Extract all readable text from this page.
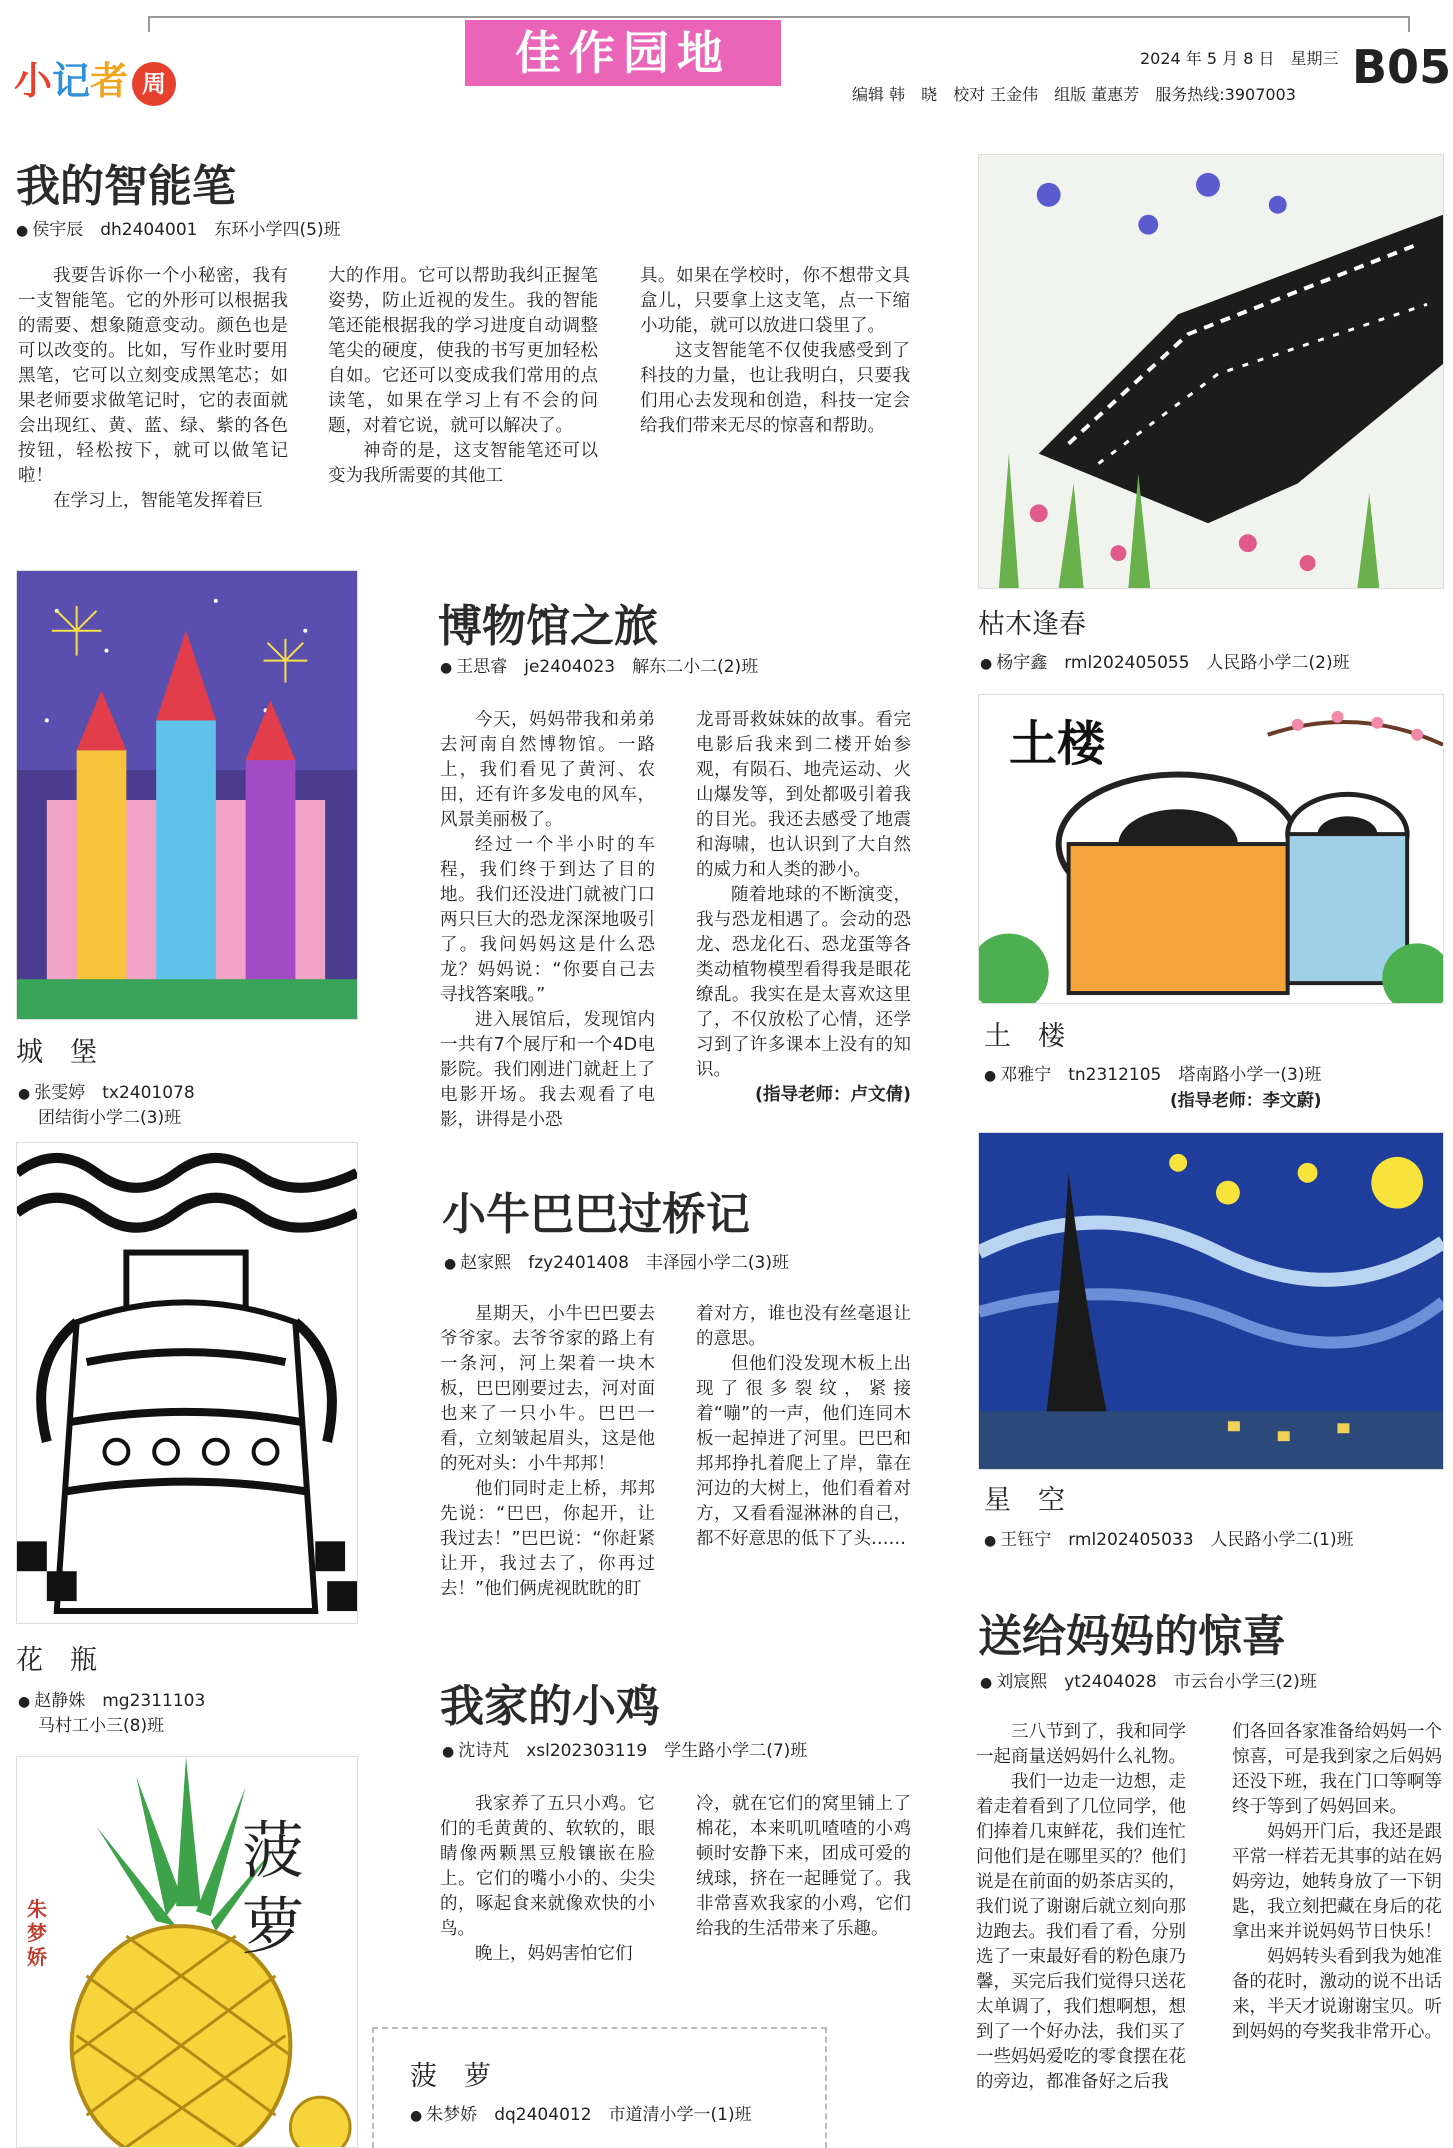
小记者 周刊
佳作园地	2024 年 5 月 8 日　星期三 B05
编辑 韩　晓　校对 王金伟　组版 董惠芳　服务热线:3907003
我的智能笔
● 侯宇辰　dh2404001　东环小学四(5)班

我要告诉你一个小秘密，我有一支智能笔。它的外形可以根据我的需要、想象随意变动。颜色也是可以改变的。比如，写作业时要用黑笔，它可以立刻变成黑笔芯；如果老师要求做笔记时，它的表面就会出现红、黄、蓝、绿、紫的各色按钮，轻松按下，就可以做笔记啦！

在学习上，智能笔发挥着巨

大的作用。它可以帮助我纠正握笔姿势，防止近视的发生。我的智能笔还能根据我的学习进度自动调整笔尖的硬度，使我的书写更加轻松自如。它还可以变成我们常用的点读笔，如果在学习上有不会的问题，对着它说，就可以解决了。

神奇的是，这支智能笔还可以变为我所需要的其他工

具。如果在学校时，你不想带文具盒儿，只要拿上这支笔，点一下缩小功能，就可以放进口袋里了。

这支智能笔不仅使我感受到了科技的力量，也让我明白，只要我们用心去发现和创造，科技一定会给我们带来无尽的惊喜和帮助。

枯木逢春
● 杨宇鑫　rml202405055　人民路小学二(2)班
城　堡
● 张雯婷　tx2401078
团结街小学二(3)班
博物馆之旅
● 王思睿　je2404023　解东二小二(2)班

今天，妈妈带我和弟弟去河南自然博物馆。一路上，我们看见了黄河、农田，还有许多发电的风车，风景美丽极了。

经过一个半小时的车程，我们终于到达了目的地。我们还没进门就被门口两只巨大的恐龙深深地吸引了。我问妈妈这是什么恐龙？妈妈说：“你要自己去寻找答案哦。”

进入展馆后，发现馆内一共有7个展厅和一个4D电影院。我们刚进门就赶上了电影开场。我去观看了电影，讲得是小恐

龙哥哥救妹妹的故事。看完电影后我来到二楼开始参观，有陨石、地壳运动、火山爆发等，到处都吸引着我的目光。我还去感受了地震和海啸，也认识到了大自然的威力和人类的渺小。

随着地球的不断演变，我与恐龙相遇了。会动的恐龙、恐龙化石、恐龙蛋等各类动植物模型看得我是眼花缭乱。我实在是太喜欢这里了，不仅放松了心情，还学习到了许多课本上没有的知识。

(指导老师：卢文倩)

土楼
土　楼
● 邓雅宁　tn2312105　塔南路小学一(3)班
(指导老师：李文蔚)
花　瓶
● 赵静姝　mg2311103
马村工小三(8)班
小牛巴巴过桥记
● 赵家熙　fzy2401408　丰泽园小学二(3)班

星期天，小牛巴巴要去爷爷家。去爷爷家的路上有一条河，河上架着一块木板，巴巴刚要过去，河对面也来了一只小牛。巴巴一看，立刻皱起眉头，这是他的死对头：小牛邦邦！

他们同时走上桥，邦邦先说：“巴巴，你起开，让我过去！”巴巴说：“你赶紧让开，我过去了，你再过去！”他们俩虎视眈眈的盯

着对方，谁也没有丝毫退让的意思。

但他们没发现木板上出现了很多裂纹，紧接着“嘣”的一声，他们连同木板一起掉进了河里。巴巴和邦邦挣扎着爬上了岸，靠在河边的大树上，他们看着对方，又看看湿淋淋的自己，都不好意思的低下了头……

星　空
● 王钰宁　rml202405033　人民路小学二(1)班
我家的小鸡
● 沈诗芃　xsl202303119　学生路小学二(7)班

我家养了五只小鸡。它们的毛黄黄的、软软的，眼睛像两颗黑豆般镶嵌在脸上。它们的嘴小小的、尖尖的，啄起食来就像欢快的小鸟。

晚上，妈妈害怕它们

冷，就在它们的窝里铺上了棉花，本来叽叽喳喳的小鸡顿时安静下来，团成可爱的绒球，挤在一起睡觉了。我非常喜欢我家的小鸡，它们给我的生活带来了乐趣。

菠萝
朱梦娇
菠　萝
● 朱梦娇　dq2404012　市道清小学一(1)班
送给妈妈的惊喜
● 刘宸熙　yt2404028　市云台小学三(2)班

三八节到了，我和同学一起商量送妈妈什么礼物。

我们一边走一边想，走着走着看到了几位同学，他们捧着几束鲜花，我们连忙问他们是在哪里买的？他们说是在前面的奶茶店买的，我们说了谢谢后就立刻向那边跑去。我们看了看，分别选了一束最好看的粉色康乃馨，买完后我们觉得只送花太单调了，我们想啊想，想到了一个好办法，我们买了一些妈妈爱吃的零食摆在花的旁边，都准备好之后我

们各回各家准备给妈妈一个惊喜，可是我到家之后妈妈还没下班，我在门口等啊等终于等到了妈妈回来。

妈妈开门后，我还是跟平常一样若无其事的站在妈妈旁边，她转身放了一下钥匙，我立刻把藏在身后的花拿出来并说妈妈节日快乐！

妈妈转头看到我为她准备的花时，激动的说不出话来，半天才说谢谢宝贝。听到妈妈的夸奖我非常开心。
